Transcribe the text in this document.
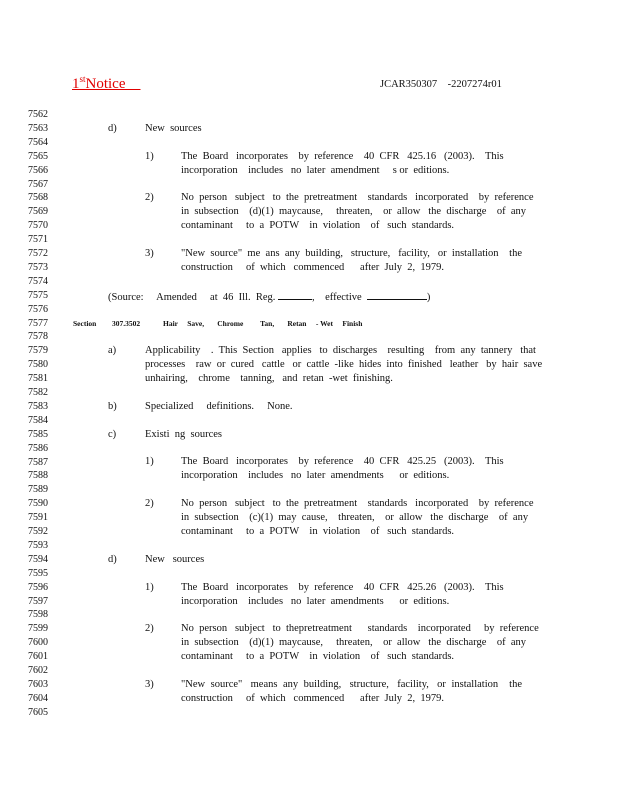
1stNotice	JCAR350307    -2207274r01
7562
7563
7564
7565
7566
7567
7568
7569
7570
7571
7572
7573
7574
7575
7576
7577
7578
7579
7580
7581
7582
7583
7584
7585
7586
7587
7588
7589
7590
7591
7592
7593
7594
7595
7596
7597
7598
7599
7600
7601
7602
7603
7604
7605
d)	New  sources
1)	The  Board   incorporates    by  reference    40  CFR   425.16   (2003).    This
incorporation    includes   no  later  amendment     s or  editions.
2)	No  person   subject   to  the  pretreatment    standards   incorporated    by  reference
in  subsection    (d)(1)  maycause,     threaten,    or  allow   the  discharge    of  any
contaminant     to  a  POTW    in  violation    of   such  standards.
3)	"New  source"  me  ans  any  building,   structure,   facility,   or  installation    the
construction     of  which   commenced      after  July  2,  1979.
(Source:     Amended     at  46  Ill.  Reg.	,    effective	)
Section 307.3502	Hair     Save,       Chrome         Tan,       Retan     - Wet     Finish
a)	Applicability    .  This  Section   applies   to  discharges    resulting    from  any  tannery   that
processes    raw  or  cured   cattle   or  cattle  -like  hides  into  finished   leather   by  hair  save
unhairing,    chrome    tanning,   and  retan  -wet  finishing.
b)	Specialized     definitions.     None.
c)	Existi  ng  sources
1)	The  Board   incorporates    by  reference    40  CFR   425.25   (2003).    This
incorporation    includes   no  later  amendments      or  editions.
2)	No  person   subject   to  the  pretreatment    standards   incorporated    by  reference
in  subsection    (c)(1)  may  cause,    threaten,    or  allow   the  discharge    of  any
contaminant     to  a  POTW    in  violation    of   such  standards.
d)	New   sources
1)	The  Board   incorporates    by  reference    40  CFR   425.26   (2003).    This
incorporation    includes   no  later  amendments      or  editions.
2)	No  person   subject   to  thepretreatment      standards    incorporated     by  reference
in  subsection    (d)(1)  maycause,     threaten,    or  allow   the  discharge    of  any
contaminant     to  a  POTW    in  violation    of   such  standards.
3)	"New  source"   means  any  building,   structure,   facility,   or  installation    the
construction     of  which   commenced      after  July  2,  1979.
